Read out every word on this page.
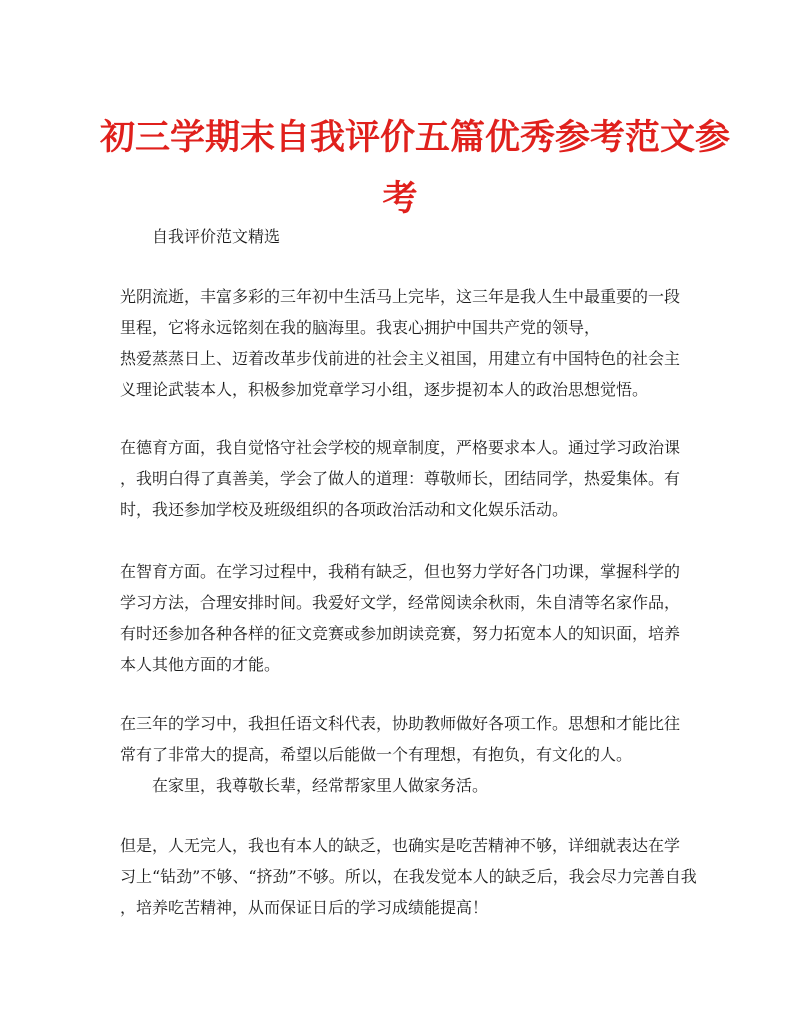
初三学期末自我评价五篇优秀参考范文参
考

自我评价范文精选

光阴流逝，丰富多彩的三年初中生活马上完毕，这三年是我人生中最重要的一段

里程，它将永远铭刻在我的脑海里。我衷心拥护中国共产党的领导，

热爱蒸蒸日上、迈着改革步伐前进的社会主义祖国，用建立有中国特色的社会主

义理论武装本人，积极参加党章学习小组，逐步提初本人的政治思想觉悟。

在德育方面，我自觉恪守社会学校的规章制度，严格要求本人。通过学习政治课

，我明白得了真善美，学会了做人的道理：尊敬师长，团结同学，热爱集体。有

时，我还参加学校及班级组织的各项政治活动和文化娱乐活动。

在智育方面。在学习过程中，我稍有缺乏，但也努力学好各门功课，掌握科学的

学习方法，合理安排时间。我爱好文学，经常阅读余秋雨，朱自清等名家作品，

有时还参加各种各样的征文竞赛或参加朗读竞赛，努力拓宽本人的知识面，培养

本人其他方面的才能。

在三年的学习中，我担任语文科代表，协助教师做好各项工作。思想和才能比往

常有了非常大的提高，希望以后能做一个有理想，有抱负，有文化的人。

在家里，我尊敬长辈，经常帮家里人做家务活。

但是，人无完人，我也有本人的缺乏，也确实是吃苦精神不够，详细就表达在学

习上“钻劲”不够、“挤劲”不够。所以，在我发觉本人的缺乏后，我会尽力完善自我

，培养吃苦精神，从而保证日后的学习成绩能提高！
